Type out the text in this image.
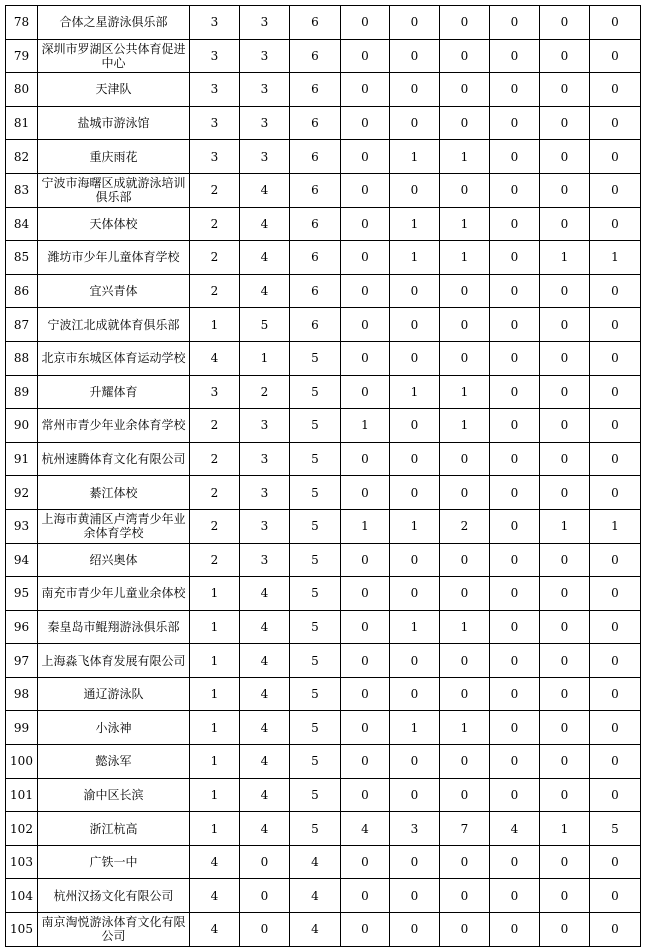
78	合体之星游泳俱乐部	3	3	6	0	0	0	0	0	0
79	深圳市罗湖区公共体育促进中心	3	3	6	0	0	0	0	0	0
80	天津队	3	3	6	0	0	0	0	0	0
81	盐城市游泳馆	3	3	6	0	0	0	0	0	0
82	重庆雨花	3	3	6	0	1	1	0	0	0
83	宁波市海曙区成就游泳培训俱乐部	2	4	6	0	0	0	0	0	0
84	天体体校	2	4	6	0	1	1	0	0	0
85	潍坊市少年儿童体育学校	2	4	6	0	1	1	0	1	1
86	宜兴青体	2	4	6	0	0	0	0	0	0
87	宁波江北成就体育俱乐部	1	5	6	0	0	0	0	0	0
88	北京市东城区体育运动学校	4	1	5	0	0	0	0	0	0
89	升耀体育	3	2	5	0	1	1	0	0	0
90	常州市青少年业余体育学校	2	3	5	1	0	1	0	0	0
91	杭州速腾体育文化有限公司	2	3	5	0	0	0	0	0	0
92	綦江体校	2	3	5	0	0	0	0	0	0
93	上海市黄浦区卢湾青少年业余体育学校	2	3	5	1	1	2	0	1	1
94	绍兴奥体	2	3	5	0	0	0	0	0	0
95	南充市青少年儿童业余体校	1	4	5	0	0	0	0	0	0
96	秦皇岛市鲲翔游泳俱乐部	1	4	5	0	1	1	0	0	0
97	上海淼飞体育发展有限公司	1	4	5	0	0	0	0	0	0
98	通辽游泳队	1	4	5	0	0	0	0	0	0
99	小泳神	1	4	5	0	1	1	0	0	0
100	懿泳军	1	4	5	0	0	0	0	0	0
101	渝中区长滨	1	4	5	0	0	0	0	0	0
102	浙江杭高	1	4	5	4	3	7	4	1	5
103	广铁一中	4	0	4	0	0	0	0	0	0
104	杭州汉扬文化有限公司	4	0	4	0	0	0	0	0	0
105	南京淘悦游泳体育文化有限公司	4	0	4	0	0	0	0	0	0
